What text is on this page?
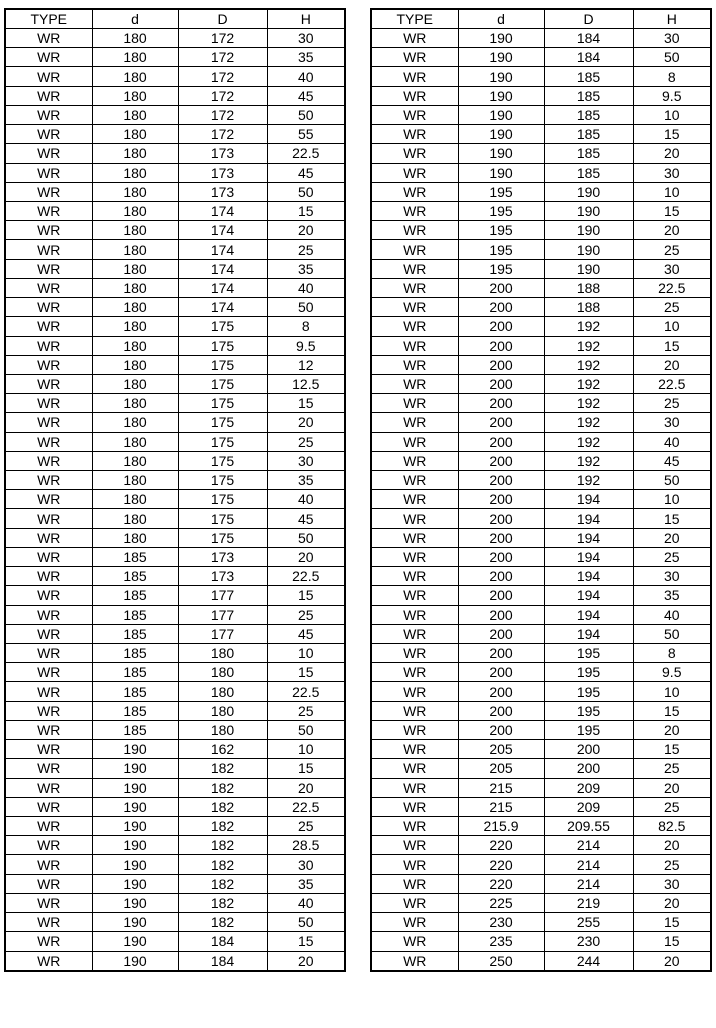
TYPE	d	D	H
WR	180	172	30
WR	180	172	35
WR	180	172	40
WR	180	172	45
WR	180	172	50
WR	180	172	55
WR	180	173	22.5
WR	180	173	45
WR	180	173	50
WR	180	174	15
WR	180	174	20
WR	180	174	25
WR	180	174	35
WR	180	174	40
WR	180	174	50
WR	180	175	8
WR	180	175	9.5
WR	180	175	12
WR	180	175	12.5
WR	180	175	15
WR	180	175	20
WR	180	175	25
WR	180	175	30
WR	180	175	35
WR	180	175	40
WR	180	175	45
WR	180	175	50
WR	185	173	20
WR	185	173	22.5
WR	185	177	15
WR	185	177	25
WR	185	177	45
WR	185	180	10
WR	185	180	15
WR	185	180	22.5
WR	185	180	25
WR	185	180	50
WR	190	162	10
WR	190	182	15
WR	190	182	20
WR	190	182	22.5
WR	190	182	25
WR	190	182	28.5
WR	190	182	30
WR	190	182	35
WR	190	182	40
WR	190	182	50
WR	190	184	15
WR	190	184	20
TYPE	d	D	H
WR	190	184	30
WR	190	184	50
WR	190	185	8
WR	190	185	9.5
WR	190	185	10
WR	190	185	15
WR	190	185	20
WR	190	185	30
WR	195	190	10
WR	195	190	15
WR	195	190	20
WR	195	190	25
WR	195	190	30
WR	200	188	22.5
WR	200	188	25
WR	200	192	10
WR	200	192	15
WR	200	192	20
WR	200	192	22.5
WR	200	192	25
WR	200	192	30
WR	200	192	40
WR	200	192	45
WR	200	192	50
WR	200	194	10
WR	200	194	15
WR	200	194	20
WR	200	194	25
WR	200	194	30
WR	200	194	35
WR	200	194	40
WR	200	194	50
WR	200	195	8
WR	200	195	9.5
WR	200	195	10
WR	200	195	15
WR	200	195	20
WR	205	200	15
WR	205	200	25
WR	215	209	20
WR	215	209	25
WR	215.9	209.55	82.5
WR	220	214	20
WR	220	214	25
WR	220	214	30
WR	225	219	20
WR	230	255	15
WR	235	230	15
WR	250	244	20
